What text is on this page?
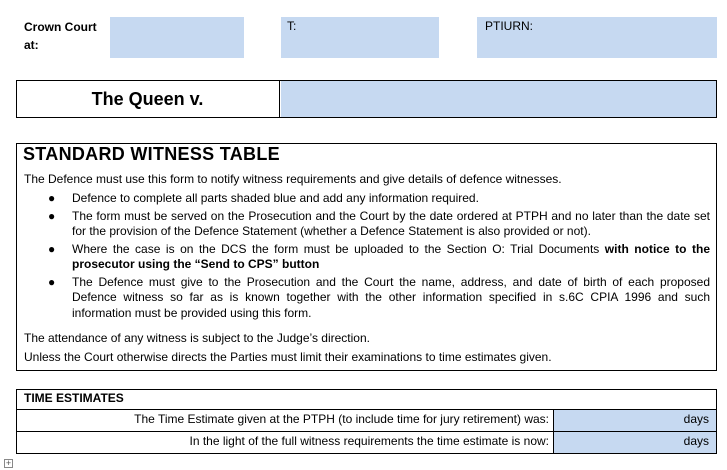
Crown Court at:
T:	PTIURN:
The Queen v.
STANDARD WITNESS TABLE
The Defence must use this form to notify witness requirements and give details of defence witnesses.
● Defence to complete all parts shaded blue and add any information required.
● The form must be served on the Prosecution and the Court by the date ordered at PTPH and no later than the date set for the provision of the Defence Statement (whether a Defence Statement is also provided or not).
● Where the case is on the DCS the form must be uploaded to the Section O: Trial Documents with notice to the prosecutor using the “Send to CPS” button
● The Defence must give to the Prosecution and the Court the name, address, and date of birth of each proposed Defence witness so far as is known together with the other information specified in s.6C CPIA 1996 and such information must be provided using this form.
The attendance of any witness is subject to the Judge’s direction.
Unless the Court otherwise directs the Parties must limit their examinations to time estimates given.
TIME ESTIMATES
The Time Estimate given at the PTPH (to include time for jury retirement) was:
In the light of the full witness requirements the time estimate is now:
days
days
+
